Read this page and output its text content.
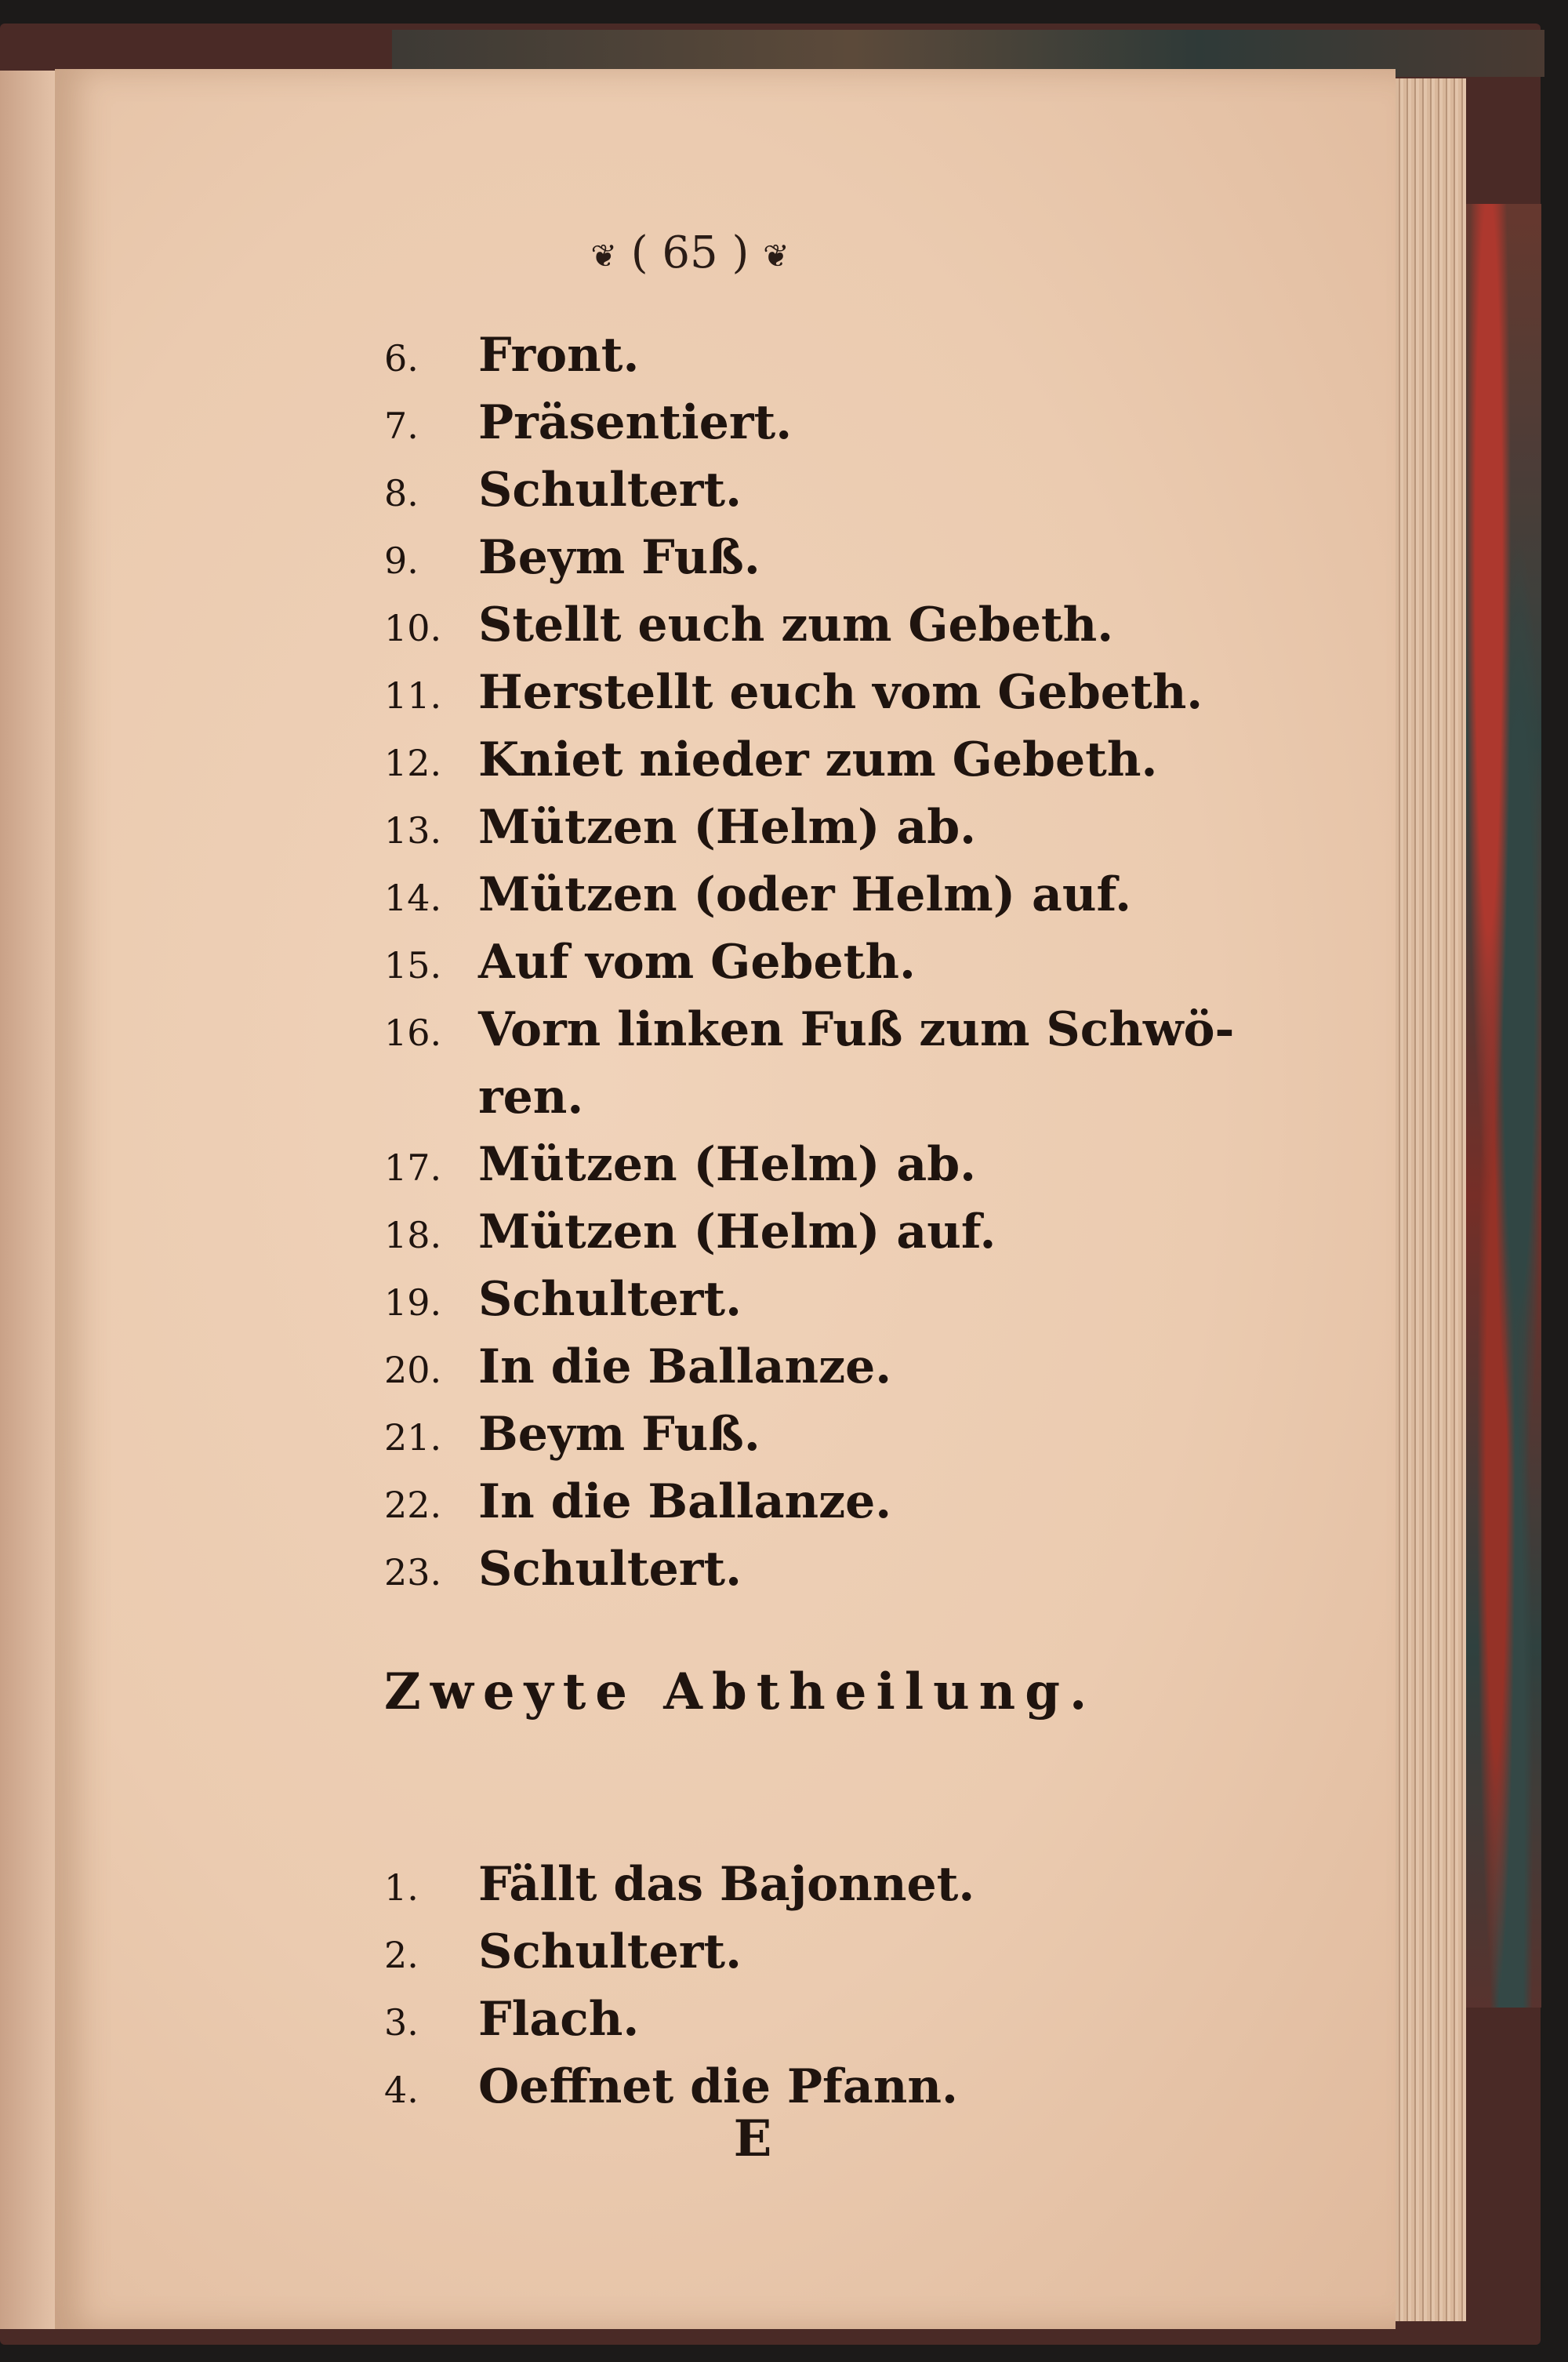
❦ ( 65 ) ❦
6. Front.
7. Präsentiert.
8. Schultert.
9. Beym Fuß.
10. Stellt euch zum Gebeth.
11. Herstellt euch vom Gebeth.
12. Kniet nieder zum Gebeth.
13. Mützen (Helm) ab.
14. Mützen (oder Helm) auf.
15. Auf vom Gebeth.
16. Vorn linken Fuß zum Schwö-
ren.
17. Mützen (Helm) ab.
18. Mützen (Helm) auf.
19. Schultert.
20. In die Ballanze.
21. Beym Fuß.
22. In die Ballanze.
23. Schultert.
Zweyte Abtheilung.
1. Fällt das Bajonnet.
2. Schultert.
3. Flach.
4. Oeffnet die Pfann.
E
